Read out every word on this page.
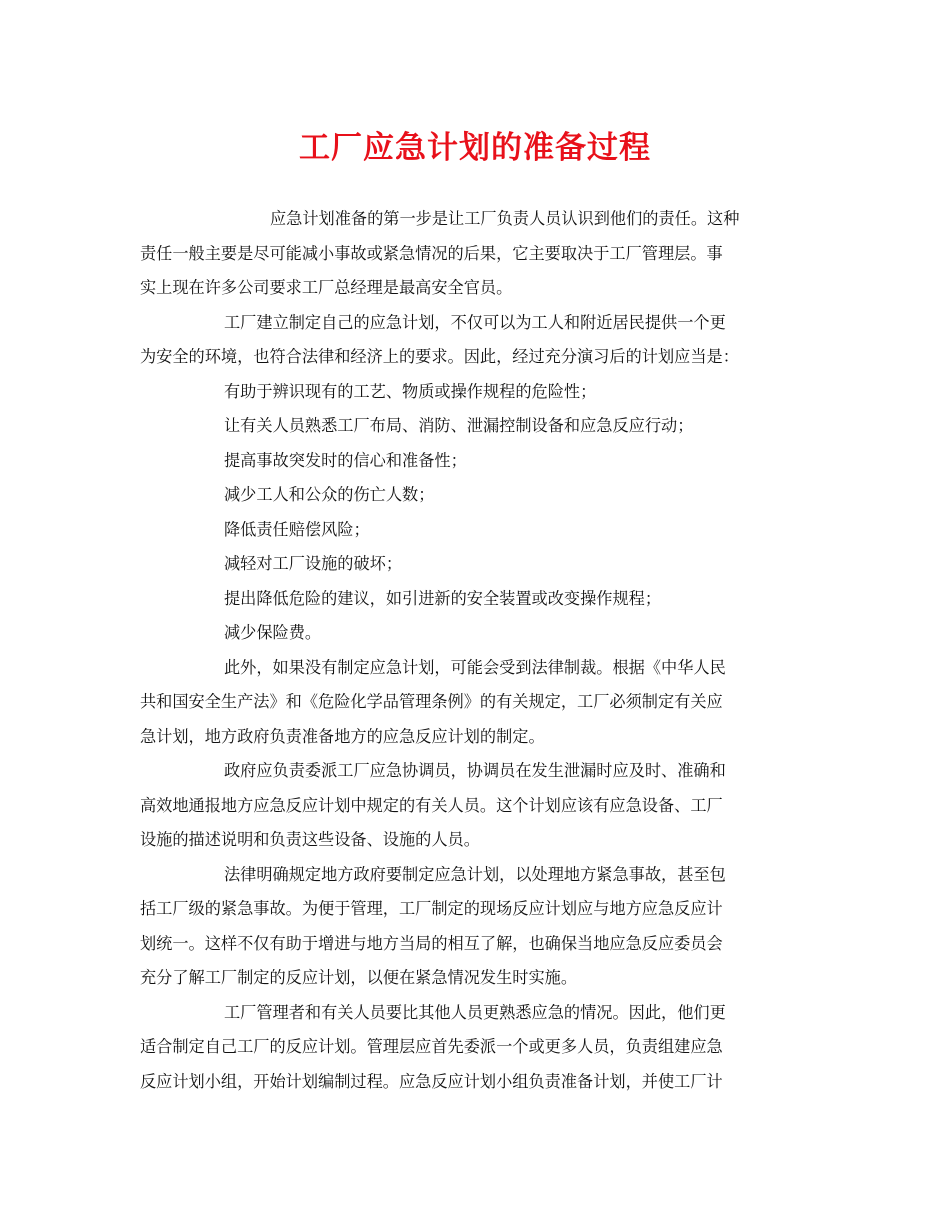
工厂应急计划的准备过程
应急计划准备的第一步是让工厂负责人员认识到他们的责任。这种
责任一般主要是尽可能减小事故或紧急情况的后果，它主要取决于工厂管理层。事
实上现在许多公司要求工厂总经理是最高安全官员。
工厂建立制定自己的应急计划，不仅可以为工人和附近居民提供一个更
为安全的环境，也符合法律和经济上的要求。因此，经过充分演习后的计划应当是：
有助于辨识现有的工艺、物质或操作规程的危险性；
让有关人员熟悉工厂布局、消防、泄漏控制设备和应急反应行动；
提高事故突发时的信心和准备性；
减少工人和公众的伤亡人数；
降低责任赔偿风险；
减轻对工厂设施的破坏；
提出降低危险的建议，如引进新的安全装置或改变操作规程；
减少保险费。
此外，如果没有制定应急计划，可能会受到法律制裁。根据《中华人民
共和国安全生产法》和《危险化学品管理条例》的有关规定，工厂必须制定有关应
急计划，地方政府负责准备地方的应急反应计划的制定。
政府应负责委派工厂应急协调员，协调员在发生泄漏时应及时、准确和
高效地通报地方应急反应计划中规定的有关人员。这个计划应该有应急设备、工厂
设施的描述说明和负责这些设备、设施的人员。
法律明确规定地方政府要制定应急计划，以处理地方紧急事故，甚至包
括工厂级的紧急事故。为便于管理，工厂制定的现场反应计划应与地方应急反应计
划统一。这样不仅有助于增进与地方当局的相互了解，也确保当地应急反应委员会
充分了解工厂制定的反应计划，以便在紧急情况发生时实施。
工厂管理者和有关人员要比其他人员更熟悉应急的情况。因此，他们更
适合制定自己工厂的反应计划。管理层应首先委派一个或更多人员，负责组建应急
反应计划小组，开始计划编制过程。应急反应计划小组负责准备计划，并使工厂计
